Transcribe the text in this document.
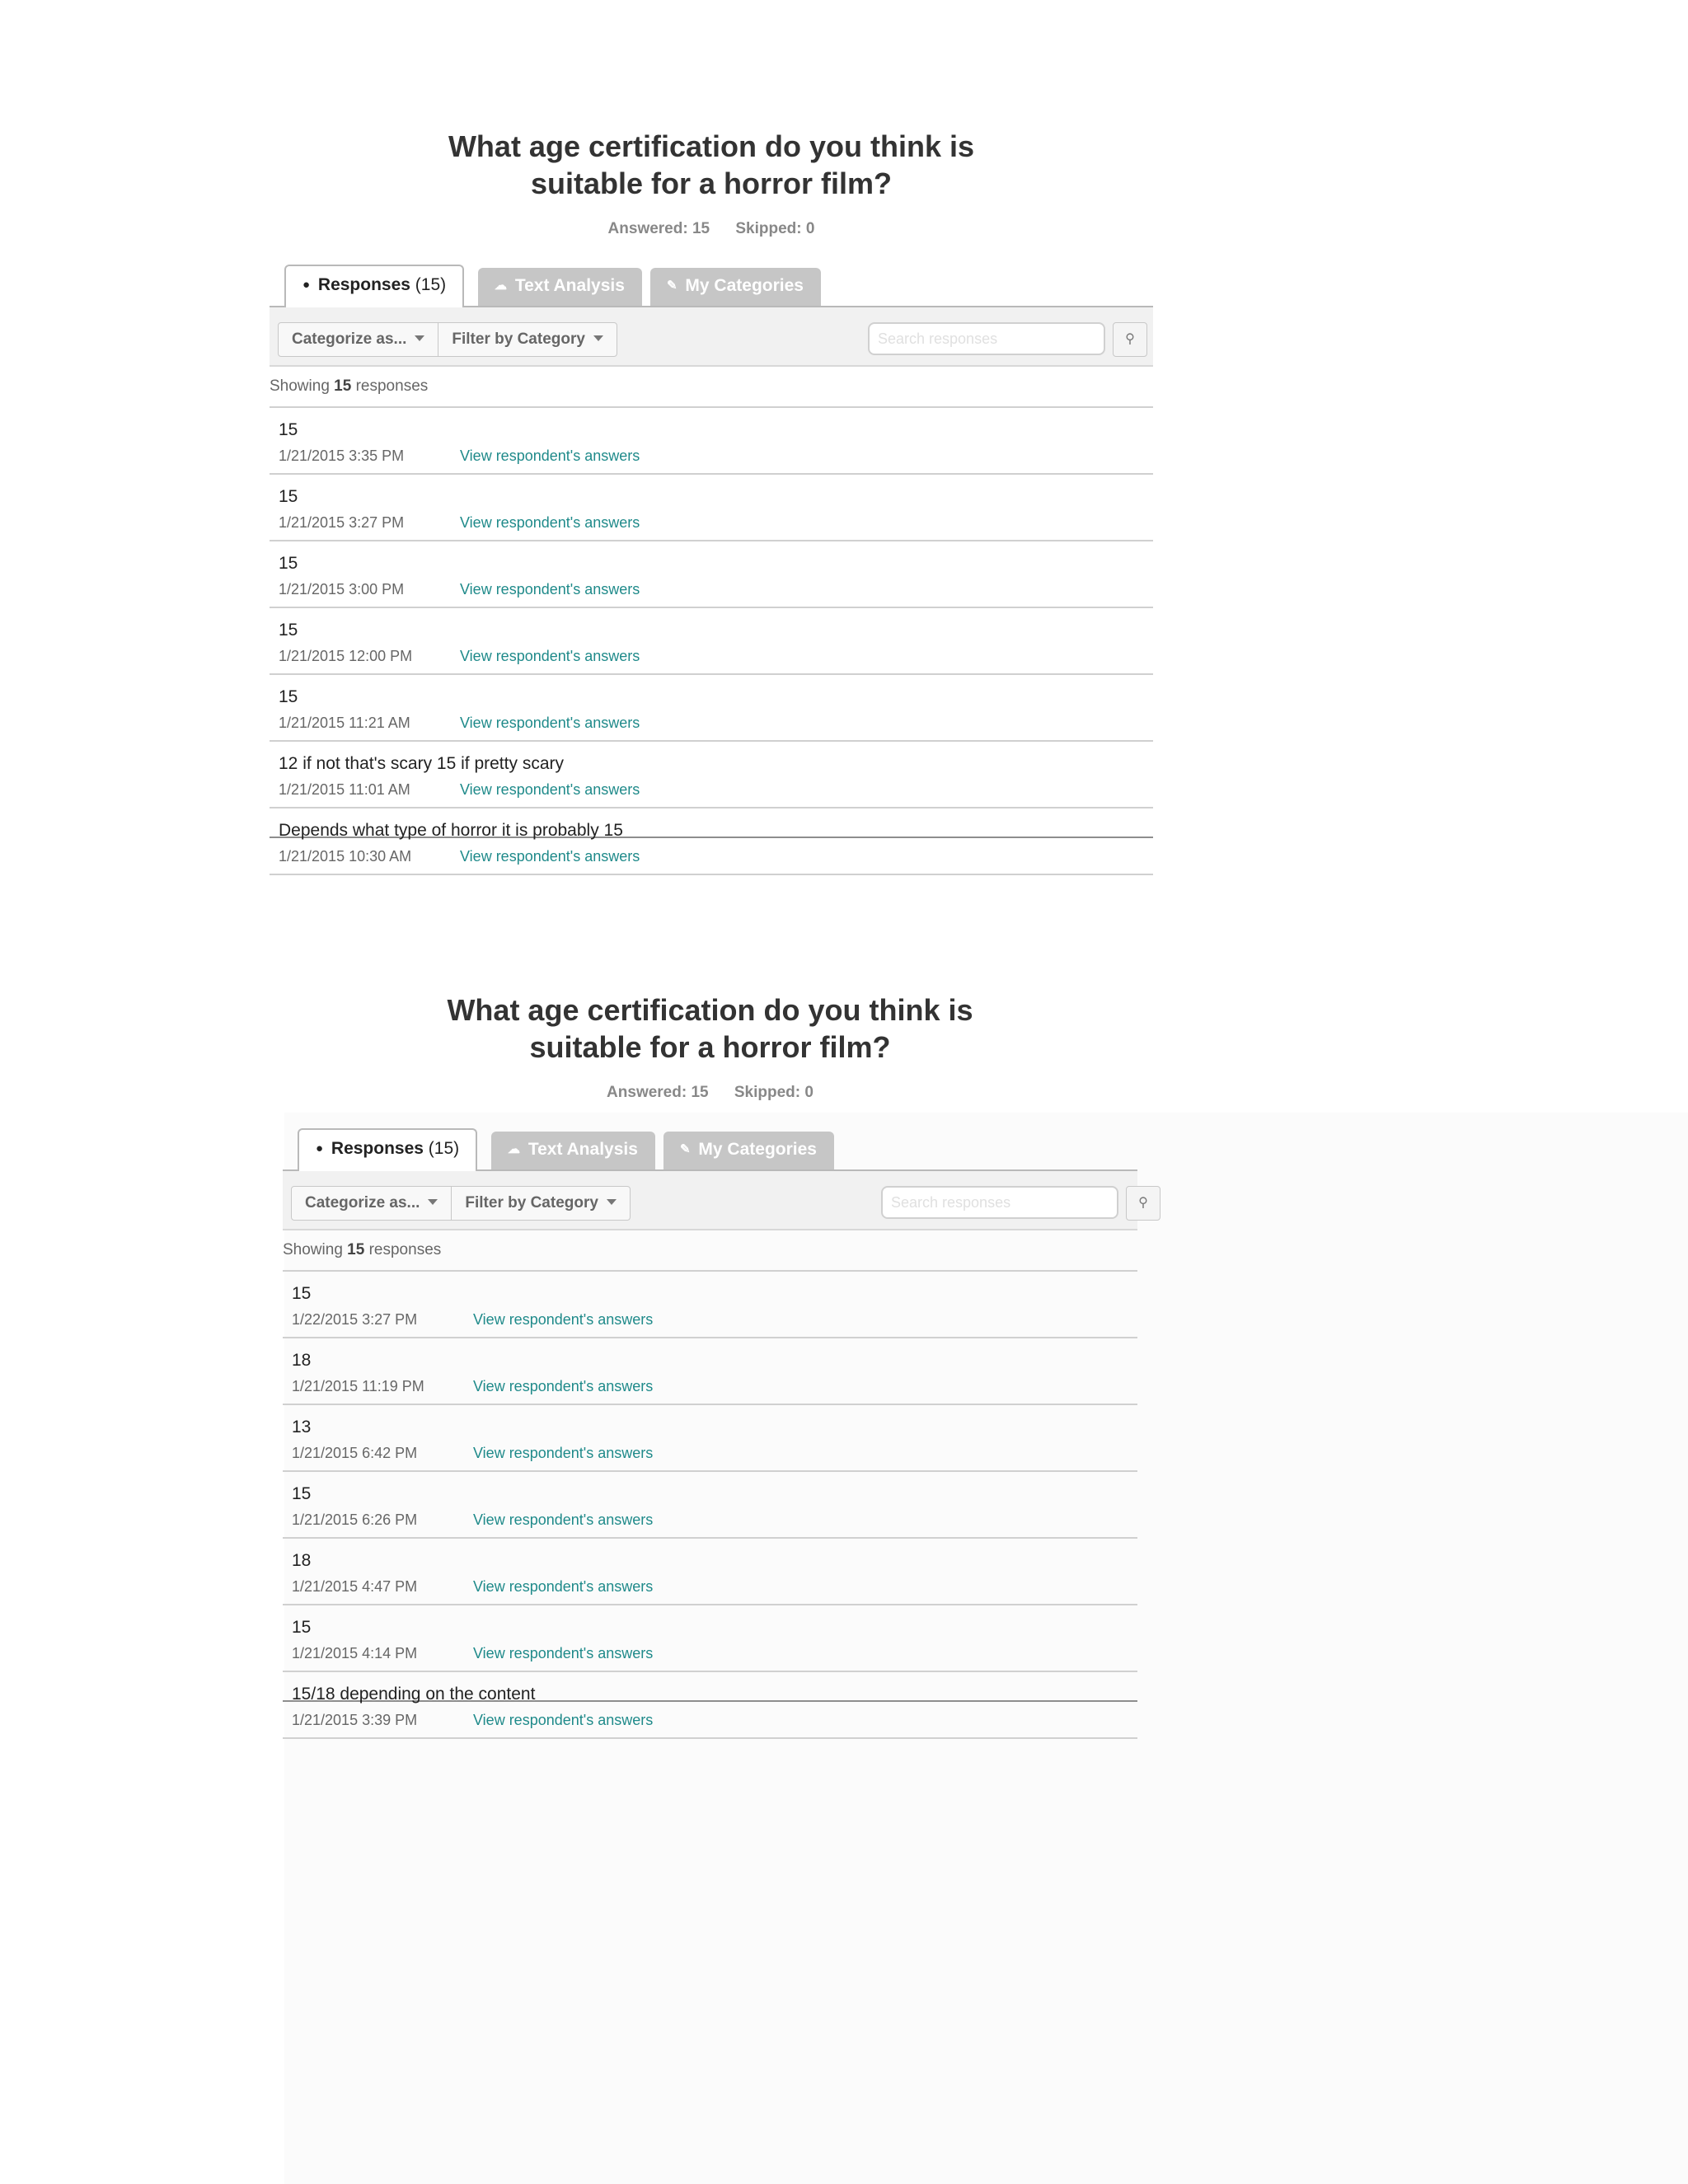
What age certification do you think is
suitable for a horror film?
Answered: 15 Skipped: 0
● Responses (15)	☁ Text Analysis	✎ My Categories
Categorize as...	Filter by Category
Search responses	⚲
Showing 15 responses
15
1/21/2015 3:35 PM	View respondent's answers
15
1/21/2015 3:27 PM	View respondent's answers
15
1/21/2015 3:00 PM	View respondent's answers
15
1/21/2015 12:00 PM	View respondent's answers
15
1/21/2015 11:21 AM	View respondent's answers
12 if not that's scary 15 if pretty scary
1/21/2015 11:01 AM	View respondent's answers
Depends what type of horror it is probably 15
1/21/2015 10:30 AM	View respondent's answers
What age certification do you think is
suitable for a horror film?
Answered: 15 Skipped: 0
● Responses (15)	☁ Text Analysis	✎ My Categories
Categorize as...	Filter by Category
Search responses	⚲
Showing 15 responses
15
1/22/2015 3:27 PM	View respondent's answers
18
1/21/2015 11:19 PM	View respondent's answers
13
1/21/2015 6:42 PM	View respondent's answers
15
1/21/2015 6:26 PM	View respondent's answers
18
1/21/2015 4:47 PM	View respondent's answers
15
1/21/2015 4:14 PM	View respondent's answers
15/18 depending on the content
1/21/2015 3:39 PM	View respondent's answers
